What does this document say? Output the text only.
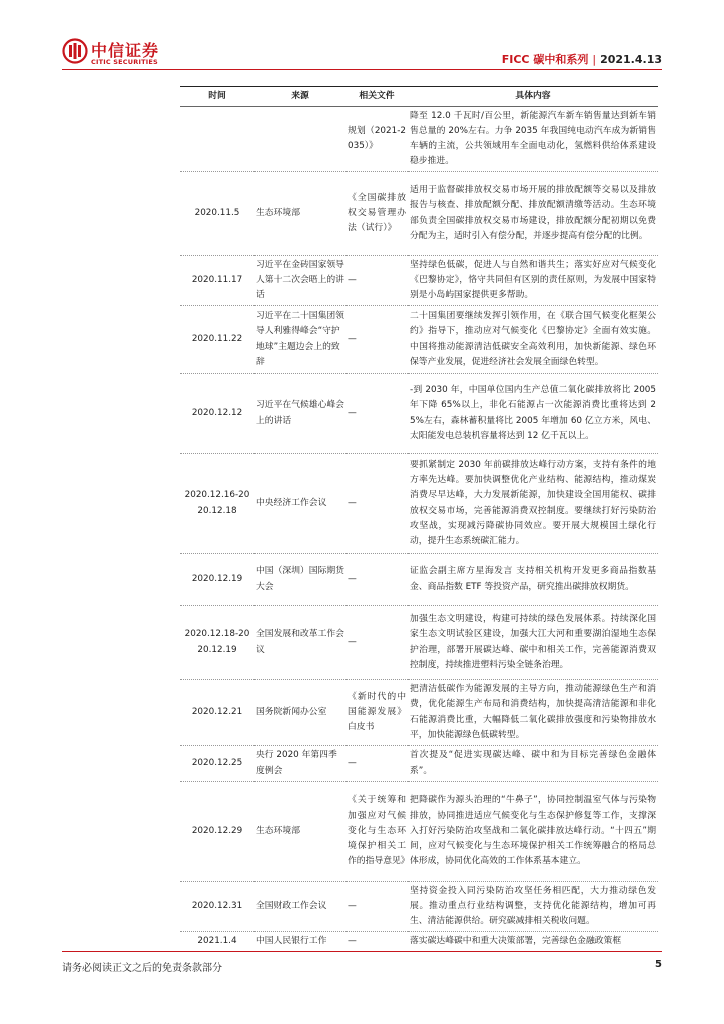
中信证券
CITIC SECURITIES	FICC 碳中和系列 | 2021.4.13
时间	来源	相关文件	具体内容
		规划（2021-2035）》	降至 12.0 千瓦时/百公里，新能源汽车新车销售量达到新车销售总量的 20%左右。力争 2035 年我国纯电动汽车成为新销售车辆的主流，公共领域用车全面电动化，氢燃料供给体系建设稳步推进。
2020.11.5	生态环境部	《全国碳排放权交易管理办法（试行）》	适用于监督碳排放权交易市场开展的排放配额等交易以及排放报告与核查、排放配额分配、排放配额清缴等活动。生态环境部负责全国碳排放权交易市场建设，排放配额分配初期以免费分配为主，适时引入有偿分配，并逐步提高有偿分配的比例。
2020.11.17	习近平在金砖国家领导人第十二次会晤上的讲话	—	坚持绿色低碳，促进人与自然和谐共生；落实好应对气候变化《巴黎协定》，恪守共同但有区别的责任原则，为发展中国家特别是小岛屿国家提供更多帮助。
2020.11.22	习近平在二十国集团领导人利雅得峰会“守护地球”主题边会上的致辞	—	二十国集团要继续发挥引领作用，在《联合国气候变化框架公约》指导下，推动应对气候变化《巴黎协定》全面有效实施。中国将推动能源清洁低碳安全高效利用，加快新能源、绿色环保等产业发展，促进经济社会发展全面绿色转型。
2020.12.12	习近平在气候雄心峰会上的讲话	—	-到 2030 年，中国单位国内生产总值二氧化碳排放将比 2005 年下降 65%以上，非化石能源占一次能源消费比重将达到 25%左右，森林蓄积量将比 2005 年增加 60 亿立方米，风电、太阳能发电总装机容量将达到 12 亿千瓦以上。
2020.12.16-2020.12.18	中央经济工作会议	—	要抓紧制定 2030 年前碳排放达峰行动方案，支持有条件的地方率先达峰。要加快调整优化产业结构、能源结构，推动煤炭消费尽早达峰，大力发展新能源，加快建设全国用能权、碳排放权交易市场，完善能源消费双控制度。要继续打好污染防治攻坚战，实现减污降碳协同效应。要开展大规模国土绿化行动，提升生态系统碳汇能力。
2020.12.19	中国（深圳）国际期货大会	—	证监会副主席方星海发言 支持相关机构开发更多商品指数基金、商品指数 ETF 等投资产品，研究推出碳排放权期货。
2020.12.18-2020.12.19	全国发展和改革工作会议	—	加强生态文明建设，构建可持续的绿色发展体系。持续深化国家生态文明试验区建设，加强大江大河和重要湖泊湿地生态保护治理，部署开展碳达峰、碳中和相关工作，完善能源消费双控制度，持续推进塑料污染全链条治理。
2020.12.21	国务院新闻办公室	《新时代的中国能源发展》白皮书	把清洁低碳作为能源发展的主导方向，推动能源绿色生产和消费，优化能源生产布局和消费结构，加快提高清洁能源和非化石能源消费比重，大幅降低二氧化碳排放强度和污染物排放水平，加快能源绿色低碳转型。
2020.12.25	央行 2020 年第四季度例会	—	首次提及“促进实现碳达峰、碳中和为目标完善绿色金融体系”。
2020.12.29	生态环境部	《关于统筹和加强应对气候变化与生态环境保护相关工作的指导意见》	把降碳作为源头治理的“牛鼻子”，协同控制温室气体与污染物排放，协同推进适应气候变化与生态保护修复等工作，支撑深入打好污染防治攻坚战和二氧化碳排放达峰行动。“十四五”期间，应对气候变化与生态环境保护相关工作统筹融合的格局总体形成，协同优化高效的工作体系基本建立。
2020.12.31	全国财政工作会议	—	坚持资金投入同污染防治攻坚任务相匹配，大力推动绿色发展。推动重点行业结构调整，支持优化能源结构，增加可再生、清洁能源供给。研究碳减排相关税收问题。
2021.1.4	中国人民银行工作	—	落实碳达峰碳中和重大决策部署，完善绿色金融政策框
请务必阅读正文之后的免责条款部分	5
